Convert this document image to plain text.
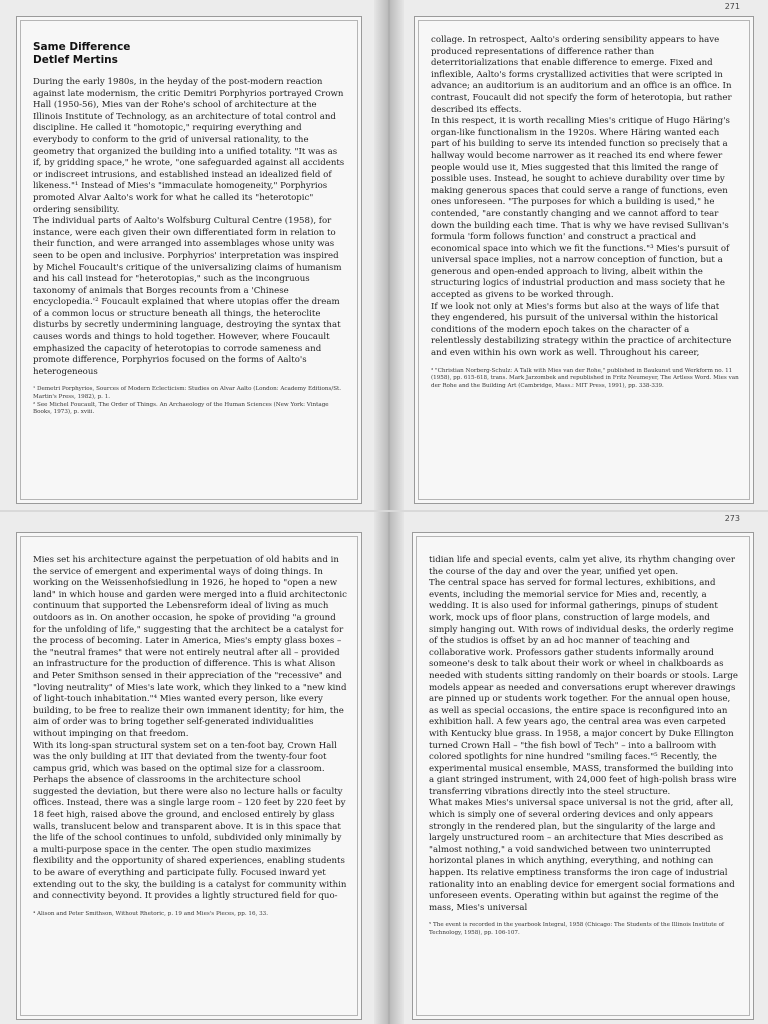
271
Same Difference
Detlef Mertins

During the early 1980s, in the heyday of the post-modern reaction against late modernism, the critic Demitri Porphyrios portrayed Crown Hall (1950-56), Mies van der Rohe's school of architecture at the Illinois Institute of Technology, as an architecture of total control and discipline. He called it "homotopic," requiring everything and everybody to conform to the grid of universal rationality, to the geometry that organized the building into a unified totality. "It was as if, by gridding space," he wrote, "one safeguarded against all accidents or indiscreet intrusions, and established instead an idealized field of likeness."¹ Instead of Mies's "immaculate homogeneity," Porphyrios promoted Alvar Aalto's work for what he called its "heterotopic" ordering sensibility.

The individual parts of Aalto's Wolfsburg Cultural Centre (1958), for instance, were each given their own differentiated form in relation to their function, and were arranged into assemblages whose unity was seen to be open and inclusive. Porphyrios' interpretation was inspired by Michel Foucault's critique of the universalizing claims of humanism and his call instead for "heterotopias," such as the incongruous taxonomy of animals that Borges recounts from a 'Chinese encyclopedia.'² Foucault explained that where utopias offer the dream of a common locus or structure beneath all things, the heteroclite disturbs by secretly undermining language, destroying the syntax that causes words and things to hold together. However, where Foucault emphasized the capacity of heterotopias to corrode sameness and promote difference, Porphyrios focused on the forms of Aalto's heterogeneous

¹ Demetri Porphyrios, Sources of Modern Eclecticism: Studies on Alvar Aalto (London: Academy Editions/St. Martin's Press, 1982), p. 1.

² See Michel Foucault, The Order of Things. An Archaeology of the Human Sciences (New York: Vintage Books, 1973), p. xviii.

collage. In retrospect, Aalto's ordering sensibility appears to have produced representations of difference rather than deterritorializations that enable difference to emerge. Fixed and inflexible, Aalto's forms crystallized activities that were scripted in advance; an auditorium is an auditorium and an office is an office. In contrast, Foucault did not specify the form of heterotopia, but rather described its effects.

In this respect, it is worth recalling Mies's critique of Hugo Häring's organ-like functionalism in the 1920s. Where Häring wanted each part of his building to serve its intended function so precisely that a hallway would become narrower as it reached its end where fewer people would use it, Mies suggested that this limited the range of possible uses. Instead, he sought to achieve durability over time by making generous spaces that could serve a range of functions, even ones unforeseen. "The purposes for which a building is used," he contended, "are constantly changing and we cannot afford to tear down the building each time. That is why we have revised Sullivan's formula 'form follows function' and construct a practical and economical space into which we fit the functions."³ Mies's pursuit of universal space implies, not a narrow conception of function, but a generous and open-ended approach to living, albeit within the structuring logics of industrial production and mass society that he accepted as givens to be worked through.

If we look not only at Mies's forms but also at the ways of life that they engendered, his pursuit of the universal within the historical conditions of the modern epoch takes on the character of a relentlessly destabilizing strategy within the practice of architecture and even within his own work as well. Throughout his career,

³ "Christian Norberg-Schulz: A Talk with Mies van der Rohe," published in Baukunst und Werkform no. 11 (1958), pp. 615-618, trans. Mark Jarzombek and republished in Fritz Neumeyer, The Artless Word. Mies van der Rohe and the Building Art (Cambridge, Mass.: MIT Press, 1991), pp. 338-339.

273

Mies set his architecture against the perpetuation of old habits and in the service of emergent and experimental ways of doing things. In working on the Weissenhofsiedlung in 1926, he hoped to "open a new land" in which house and garden were merged into a fluid architectonic continuum that supported the Lebensreform ideal of living as much outdoors as in. On another occasion, he spoke of providing "a ground for the unfolding of life," suggesting that the architect be a catalyst for the process of becoming. Later in America, Mies's empty glass boxes – the "neutral frames" that were not entirely neutral after all – provided an infrastructure for the production of difference. This is what Alison and Peter Smithson sensed in their appreciation of the "recessive" and "loving neutrality" of Mies's late work, which they linked to a "new kind of light-touch inhabitation."⁴ Mies wanted every person, like every building, to be free to realize their own immanent identity; for him, the aim of order was to bring together self-generated individualities without impinging on that freedom.

With its long-span structural system set on a ten-foot bay, Crown Hall was the only building at IIT that deviated from the twenty-four foot campus grid, which was based on the optimal size for a classroom. Perhaps the absence of classrooms in the architecture school suggested the deviation, but there were also no lecture halls or faculty offices. Instead, there was a single large room – 120 feet by 220 feet by 18 feet high, raised above the ground, and enclosed entirely by glass walls, translucent below and transparent above. It is in this space that the life of the school continues to unfold, subdivided only minimally by a multi-purpose space in the center. The open studio maximizes flexibility and the opportunity of shared experiences, enabling students to be aware of everything and participate fully. Focused inward yet extending out to the sky, the building is a catalyst for community within and connectivity beyond. It provides a lightly structured field for quo-

⁴ Alison and Peter Smithson, Without Rhetoric, p. 19 and Mies's Pieces, pp. 16, 33.

tidian life and special events, calm yet alive, its rhythm changing over the course of the day and over the year, unified yet open.

The central space has served for formal lectures, exhibitions, and events, including the memorial service for Mies and, recently, a wedding. It is also used for informal gatherings, pinups of student work, mock ups of floor plans, construction of large models, and simply hanging out. With rows of individual desks, the orderly regime of the studios is offset by an ad hoc manner of teaching and collaborative work. Professors gather students informally around someone's desk to talk about their work or wheel in chalkboards as needed with students sitting randomly on their boards or stools. Large models appear as needed and conversations erupt wherever drawings are pinned up or students work together. For the annual open house, as well as special occasions, the entire space is reconfigured into an exhibition hall. A few years ago, the central area was even carpeted with Kentucky blue grass. In 1958, a major concert by Duke Ellington turned Crown Hall – "the fish bowl of Tech" – into a ballroom with colored spotlights for nine hundred "smiling faces."⁵ Recently, the experimental musical ensemble, MASS, transformed the building into a giant stringed instrument, with 24,000 feet of high-polish brass wire transferring vibrations directly into the steel structure.

What makes Mies's universal space universal is not the grid, after all, which is simply one of several ordering devices and only appears strongly in the rendered plan, but the singularity of the large and largely unstructured room – an architecture that Mies described as "almost nothing," a void sandwiched between two uninterrupted horizontal planes in which anything, everything, and nothing can happen. Its relative emptiness transforms the iron cage of industrial rationality into an enabling device for emergent social formations and unforeseen events. Operating within but against the regime of the mass, Mies's universal

⁵ The event is recorded in the yearbook Integral, 1958 (Chicago: The Students of the Illinois Institute of Technology, 1958), pp. 106-107.
